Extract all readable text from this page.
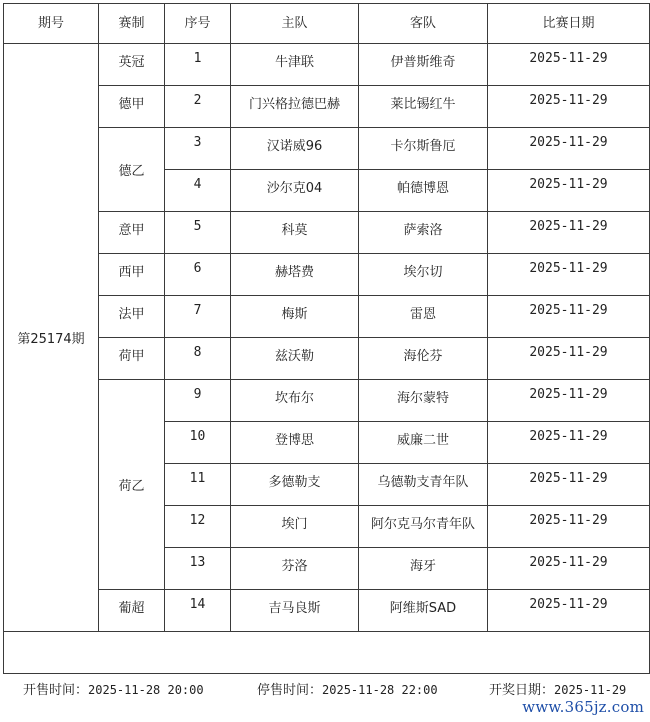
期号	赛制	序号	主队	客队	比赛日期
第25174期	英冠	1	牛津联	伊普斯维奇	2025-11-29
	德甲	2	门兴格拉德巴赫	莱比锡红牛	2025-11-29
	德乙	3	汉诺威96	卡尔斯鲁厄	2025-11-29
		4	沙尔克04	帕德博恩	2025-11-29
	意甲	5	科莫	萨索洛	2025-11-29
	西甲	6	赫塔费	埃尔切	2025-11-29
	法甲	7	梅斯	雷恩	2025-11-29
	荷甲	8	兹沃勒	海伦芬	2025-11-29
	荷乙	9	坎布尔	海尔蒙特	2025-11-29
		10	登博思	威廉二世	2025-11-29
		11	多德勒支	乌德勒支青年队	2025-11-29
		12	埃门	阿尔克马尔青年队	2025-11-29
		13	芬洛	海牙	2025-11-29
	葡超	14	吉马良斯	阿维斯SAD	2025-11-29

开售时间：2025-11-28 20:00	停售时间：2025-11-28 22:00	开奖日期：2025-11-29
www.365jz.com
